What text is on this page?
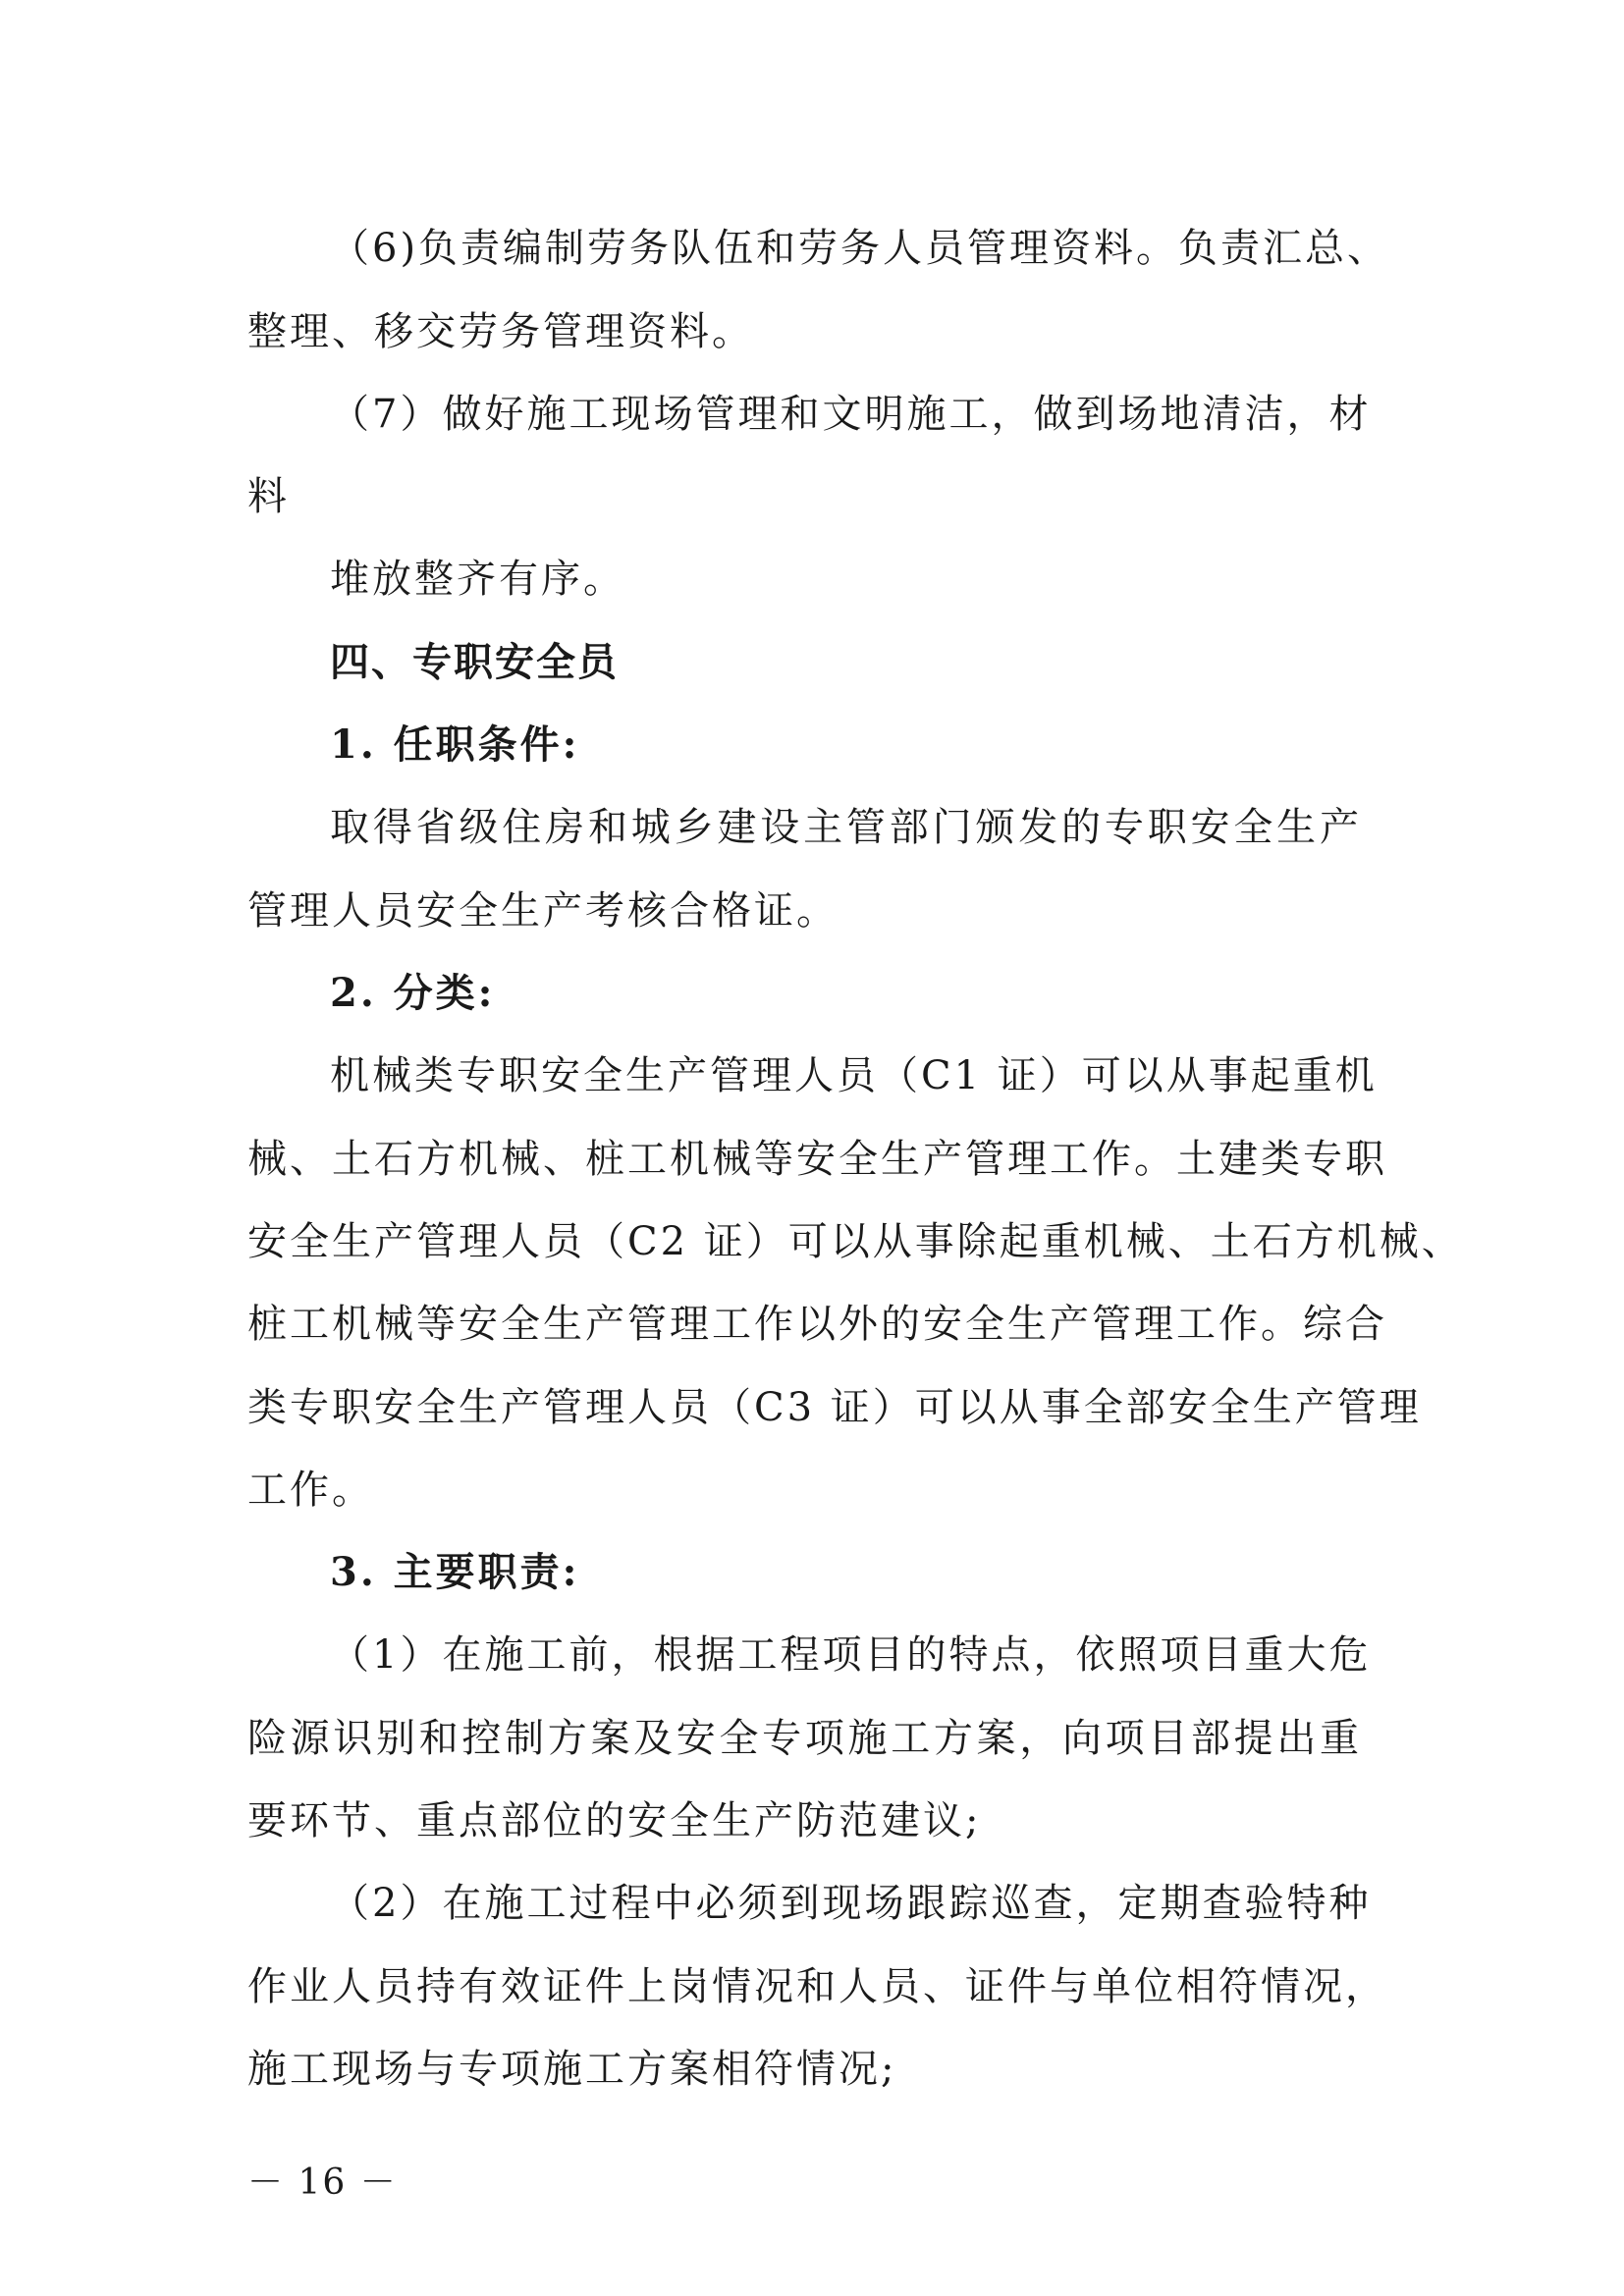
（6)负责编制劳务队伍和劳务人员管理资料。负责汇总、
整理、移交劳务管理资料。
（7）做好施工现场管理和文明施工，做到场地清洁，材
料
堆放整齐有序。
四、专职安全员
1. 任职条件:
取得省级住房和城乡建设主管部门颁发的专职安全生产
管理人员安全生产考核合格证。
2. 分类:
机械类专职安全生产管理人员（C1 证）可以从事起重机
械、土石方机械、桩工机械等安全生产管理工作。土建类专职
安全生产管理人员（C2 证）可以从事除起重机械、土石方机械、
桩工机械等安全生产管理工作以外的安全生产管理工作。综合
类专职安全生产管理人员（C3 证）可以从事全部安全生产管理
工作。
3. 主要职责:
（1）在施工前，根据工程项目的特点，依照项目重大危
险源识别和控制方案及安全专项施工方案，向项目部提出重
要环节、重点部位的安全生产防范建议;
（2）在施工过程中必须到现场跟踪巡查，定期查验特种
作业人员持有效证件上岗情况和人员、证件与单位相符情况，
施工现场与专项施工方案相符情况;
－ 16 －
